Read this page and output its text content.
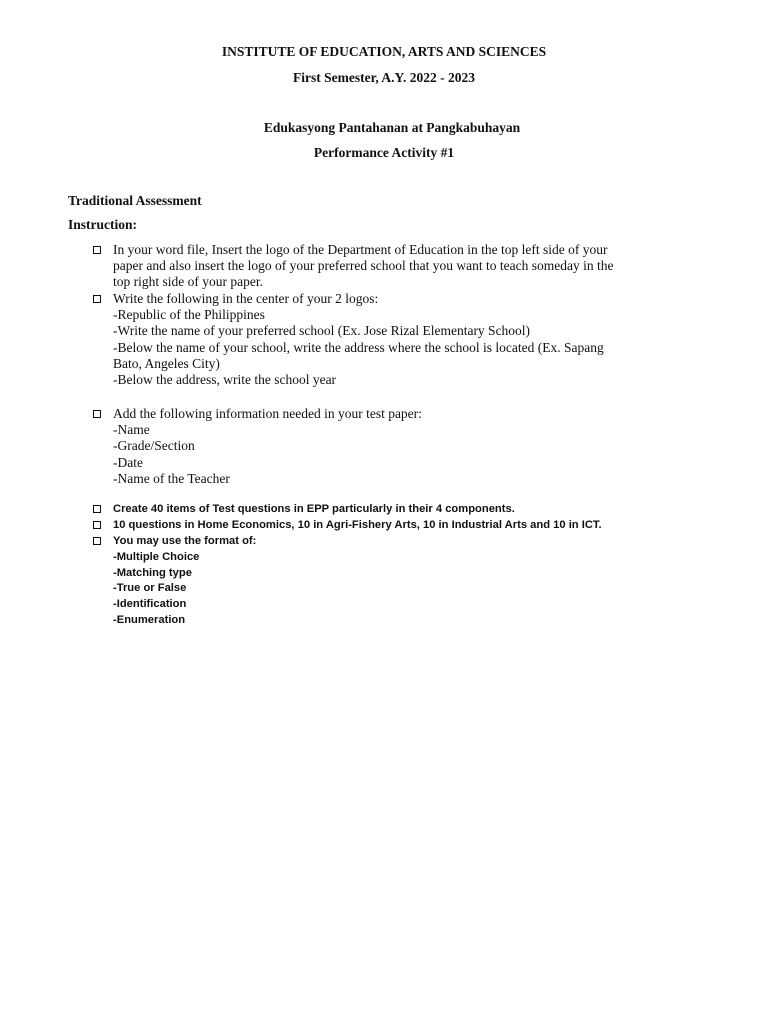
INSTITUTE OF EDUCATION, ARTS AND SCIENCES
First Semester, A.Y. 2022 - 2023
Edukasyong Pantahanan at Pangkabuhayan
Performance Activity #1
Traditional Assessment
Instruction:
In your word file, Insert the logo of the Department of Education in the top left side of your
paper and also insert the logo of your preferred school that you want to teach someday in the
top right side of your paper.
Write the following in the center of your 2 logos:
-Republic of the Philippines
-Write the name of your preferred school (Ex. Jose Rizal Elementary School)
-Below the name of your school, write the address where the school is located (Ex. Sapang
Bato, Angeles City)
-Below the address, write the school year
Add the following information needed in your test paper:
-Name
-Grade/Section
-Date
-Name of the Teacher
Create 40 items of Test questions in EPP particularly in their 4 components.
10 questions in Home Economics, 10 in Agri-Fishery Arts, 10 in Industrial Arts and 10 in ICT.
You may use the format of:
-Multiple Choice
-Matching type
-True or False
-Identification
-Enumeration
